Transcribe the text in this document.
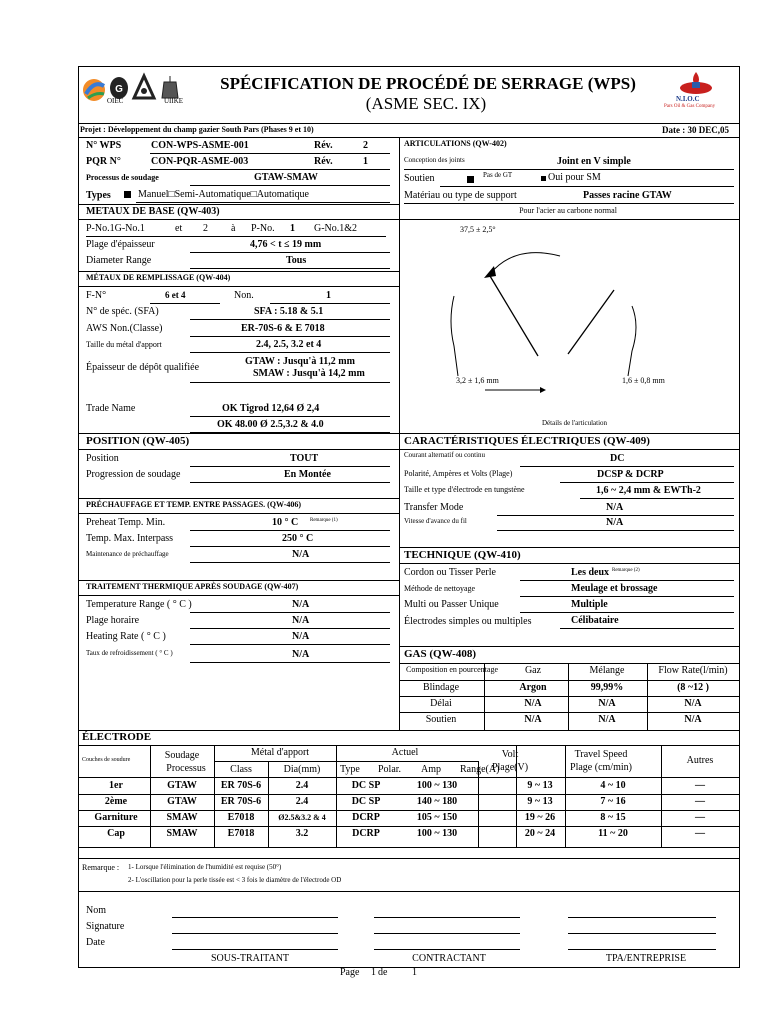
G
OIEC	UIIKE
SPÉCIFICATION DE PROCÉDÉ DE SERRAGE (WPS)
(ASME SEC. IX)	N.I.O.C
Pars Oil & Gas Company
Projet : Développement du champ gazier South Pars (Phases 9 et 10)	Date : 30 DEC,05
N° WPS	CON-WPS-ASME-001	Rév.	2
PQR N°	CON-PQR-ASME-003	Rév.	1
Processus de soudage	GTAW-SMAW
Types	Manuel□Semi-Automatique□Automatique
METAUX DE BASE (QW-403)
P-No.1G-No.1	et 2 à P-No. 1 G-No.1&2
Plage d'épaisseur	4,76 < t ≤ 19 mm
Diameter Range	Tous
MÉTAUX DE REMPLISSAGE (QW-404)
F-N°	6 et 4	Non.	1
N° de spéc. (SFA)	SFA : 5.18 & 5.1
AWS Non.(Classe)	ER-70S-6 & E 7018
Taille du métal d'apport	2.4, 2.5, 3.2 et 4
Épaisseur de dépôt qualifiée
GTAW : Jusqu'à 11,2 mm
SMAW : Jusqu'à 14,2 mm
Trade Name	OK Tigrod 12,64 Ø 2,4
OK 48.00 Ø 2.5,3.2 & 4.0
ARTICULATIONS (QW-402)
Conception des joints	Joint en V simple
Soutien	Pas de GT	Oui pour SM
Matériau ou type de support	Passes racine GTAW
Pour l'acier au carbone normal
37,5 ± 2,5°
3,2 ± 1,6 mm	1,6 ± 0,8 mm
Détails de l'articulation
POSITION (QW-405)	CARACTÉRISTIQUES ÉLECTRIQUES (QW-409)
Position	TOUT
Progression de soudage	En Montée
Courant alternatif ou continu	DC
Polarité, Ampères et Volts (Plage)	DCSP & DCRP
Taille et type d'électrode en tungstène	1,6 ~ 2,4 mm & EWTh-2
PRÉCHAUFFAGE ET TEMP. ENTRE PASSAGES. (QW-406)	Transfer Mode	N/A
Vitesse d'avance du fil	N/A
Preheat Temp. Min.	10 ° C Remarque (1)
Temp. Max. Interpass	250 ° C
Maintenance de préchauffage	N/A	TECHNIQUE (QW-410)
Cordon ou Tisser Perle	Les deux Remarque (2)
Méthode de nettoyage	Meulage et brossage
Multi ou Passer Unique	Multiple
Électrodes simples ou multiples	Célibataire
TRAITEMENT THERMIQUE APRÈS SOUDAGE (QW-407)
Temperature Range ( ° C )	N/A
Plage horaire	N/A
Heating Rate ( ° C )	N/A
Taux de refroidissement ( ° C )	N/A	GAS (QW-408)
Composition en pourcentage	Gaz	Mélange	Flow Rate(l/min)
Blindage	Argon	99,99%	(8 ~12 )
Délai	N/A	N/A	N/A
Soutien	N/A	N/A	N/A
ÉLECTRODE
Couches de soudure	Soudage
Processus
Métal d'apport
Class	Dia(mm)
Actuel
Type Polar. Amp Range(A)
Volt
Plage(V)
Travel Speed
Plage (cm/min)
Autres
1er	GTAW ER 70S-6	2.4	DC SP	100 ~ 130	9 ~ 13	4 ~ 10	—
2ème	GTAW ER 70S-6	2.4	DC SP	140 ~ 180	9 ~ 13	7 ~ 16	—
Garniture	SMAW	E7018	Ø2.5&3.2 & 4	DCRP	105 ~ 150	19 ~ 26	8 ~ 15	—
Cap	SMAW	E7018	3.2	DCRP	100 ~ 130	20 ~ 24	11 ~ 20	—
Remarque : 1- Lorsque l'élimination de l'humidité est requise (50°)
2- L'oscillation pour la perle tissée est < 3 fois le diamètre de l'électrode OD
Nom
Signature
Date
SOUS-TRAITANT	CONTRACTANT	TPA/ENTREPRISE
Page 1 de 1
